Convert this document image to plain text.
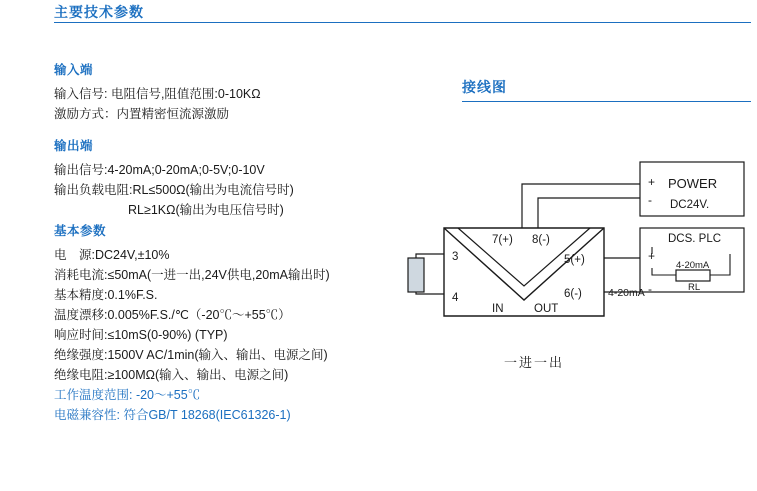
主要技术参数
接线图
输入端
输入信号: 电阻信号,阻值范围:0-10KΩ
激励方式：内置精密恒流源激励
输出端
输出信号:4-20mA;0-20mA;0-5V;0-10V
输出负载电阻:RL≤500Ω(输出为电流信号时)
RL≥1KΩ(输出为电压信号时)
基本参数
电　源:DC24V,±10%
消耗电流:≤50mA(一进一出,24V供电,20mA输出时)
基本精度:0.1%F.S.
温度漂移:0.005%F.S./℃（-20℃～+55℃）
响应时间:≤10mS(0-90%) (TYP)
绝缘强度:1500V AC/1min(输入、输出、电源之间)
绝缘电阻:≥100MΩ(输入、输出、电源之间)
工作温度范围: -20～+55℃
电磁兼容性: 符合GB/T 18268(IEC61326-1)
7(+) 8(-)
3
4
5(+)
6(-)
IN	OUT
+
-
POWER
DC24V.
+
-
DCS. PLC
4-20mA
RL
4-20mA
一进一出
